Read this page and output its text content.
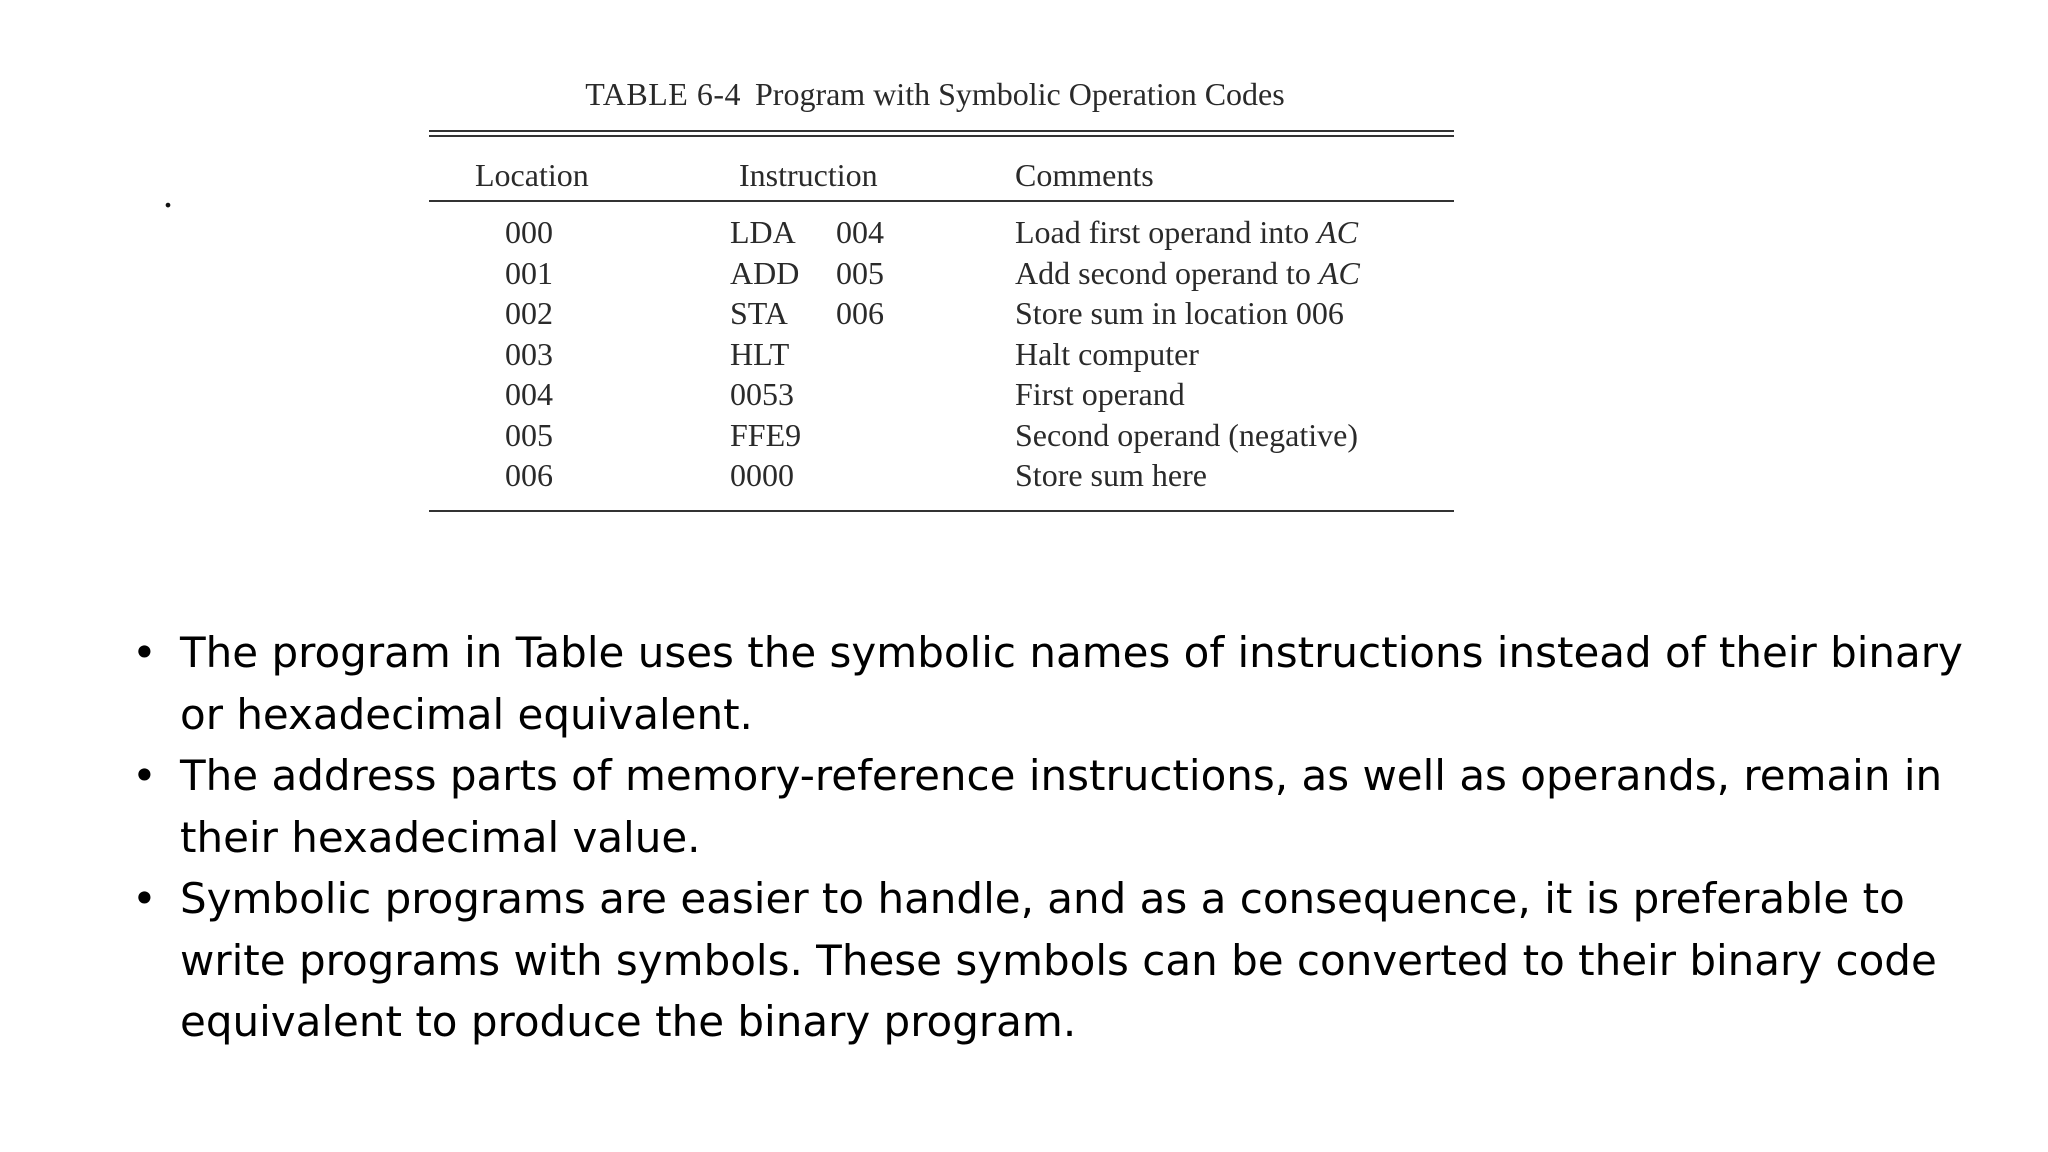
.
TABLE 6-4 Program with Symbolic Operation Codes
Location	Instruction	Comments
000	LDA 004	Load first operand into AC
001	ADD 005	Add second operand to AC
002	STA 006	Store sum in location 006
003	HLT	Halt computer
004	0053	First operand
005	FFE9	Second operand (negative)
006	0000	Store sum here
• The program in Table uses the symbolic names of instructions instead of their binary or hexadecimal equivalent.
• The address parts of memory-reference instructions, as well as operands, remain in their hexadecimal value.
• Symbolic programs are easier to handle, and as a consequence, it is preferable to write programs with symbols. These symbols can be converted to their binary code equivalent to produce the binary program.
